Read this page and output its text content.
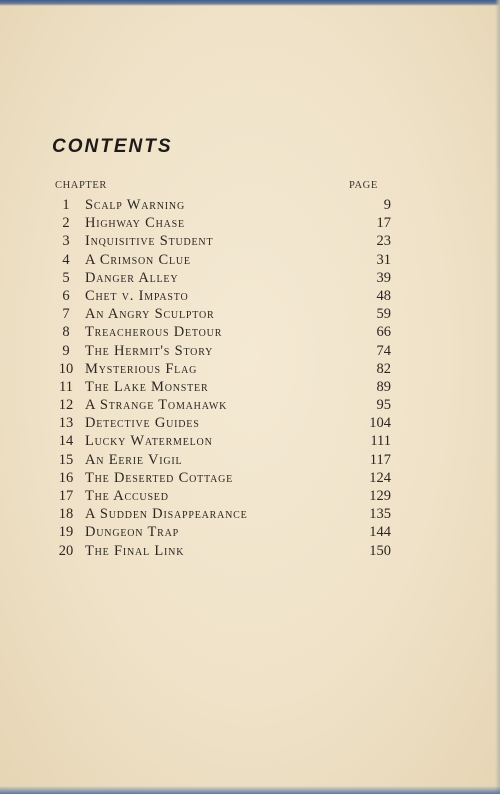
CONTENTS
CHAPTER	PAGE
1	Scalp Warning	9
2	Highway Chase	17
3	Inquisitive Student	23
4	A Crimson Clue	31
5	Danger Alley	39
6	Chet v. Impasto	48
7	An Angry Sculptor	59
8	Treacherous Detour	66
9	The Hermit's Story	74
10 Mysterious Flag	82
11 The Lake Monster	89
12 A Strange Tomahawk	95
13 Detective Guides	104
14 Lucky Watermelon	111
15 An Eerie Vigil	117
16 The Deserted Cottage	124
17 The Accused	129
18 A Sudden Disappearance	135
19 Dungeon Trap	144
20 The Final Link	150
